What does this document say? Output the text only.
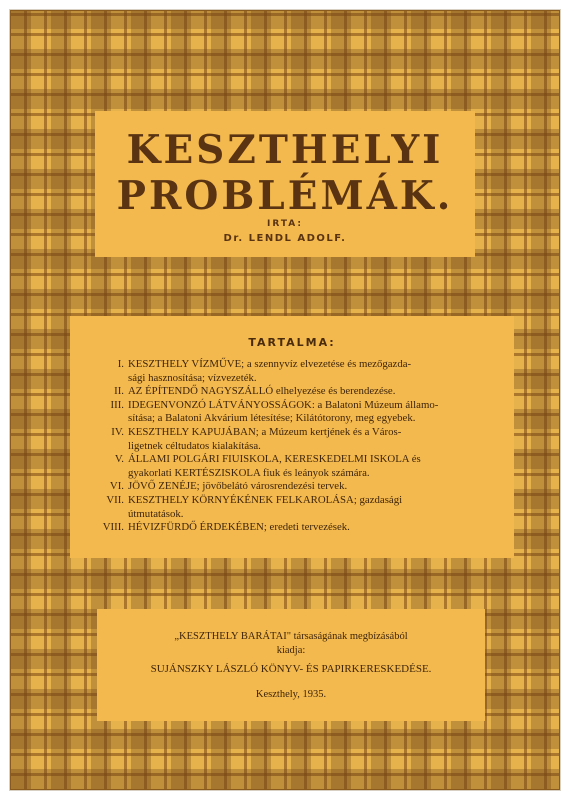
KESZTHELYI
PROBLÉMÁK.
IRTA:
Dr. LENDL ADOLF.
TARTALMA:
I. KESZTHELY VÍZMŰVE; a szennyvíz elvezetése és mezőgazda-
sági hasznosítása; vízvezeték.
II. AZ ÉPÍTENDŐ NAGYSZÁLLÓ elhelyezése és berendezése.
III. IDEGENVONZÓ LÁTVÁNYOSSÁGOK: a Balatoni Múzeum államo-
sítása; a Balatoni Akvárium létesítése; Kilátótorony, meg egyebek.
IV. KESZTHELY KAPUJÁBAN; a Múzeum kertjének és a Város-
ligetnek céltudatos kialakítása.
V. ÁLLAMI POLGÁRI FIUISKOLA, KERESKEDELMI ISKOLA és
gyakorlati KERTÉSZISKOLA fiuk és leányok számára.
VI. JÖVŐ ZENÉJE; jövőbelátó városrendezési tervek.
VII. KESZTHELY KÖRNYÉKÉNEK FELKAROLÁSA; gazdasági
útmutatások.
VIII. HÉVIZFÜRDŐ ÉRDEKÉBEN; eredeti tervezések.
„KESZTHELY BARÁTAI" társaságának megbízásából
kiadja:
SUJÁNSZKY LÁSZLÓ KÖNYV- ÉS PAPIRKERESKEDÉSE.
Keszthely, 1935.
